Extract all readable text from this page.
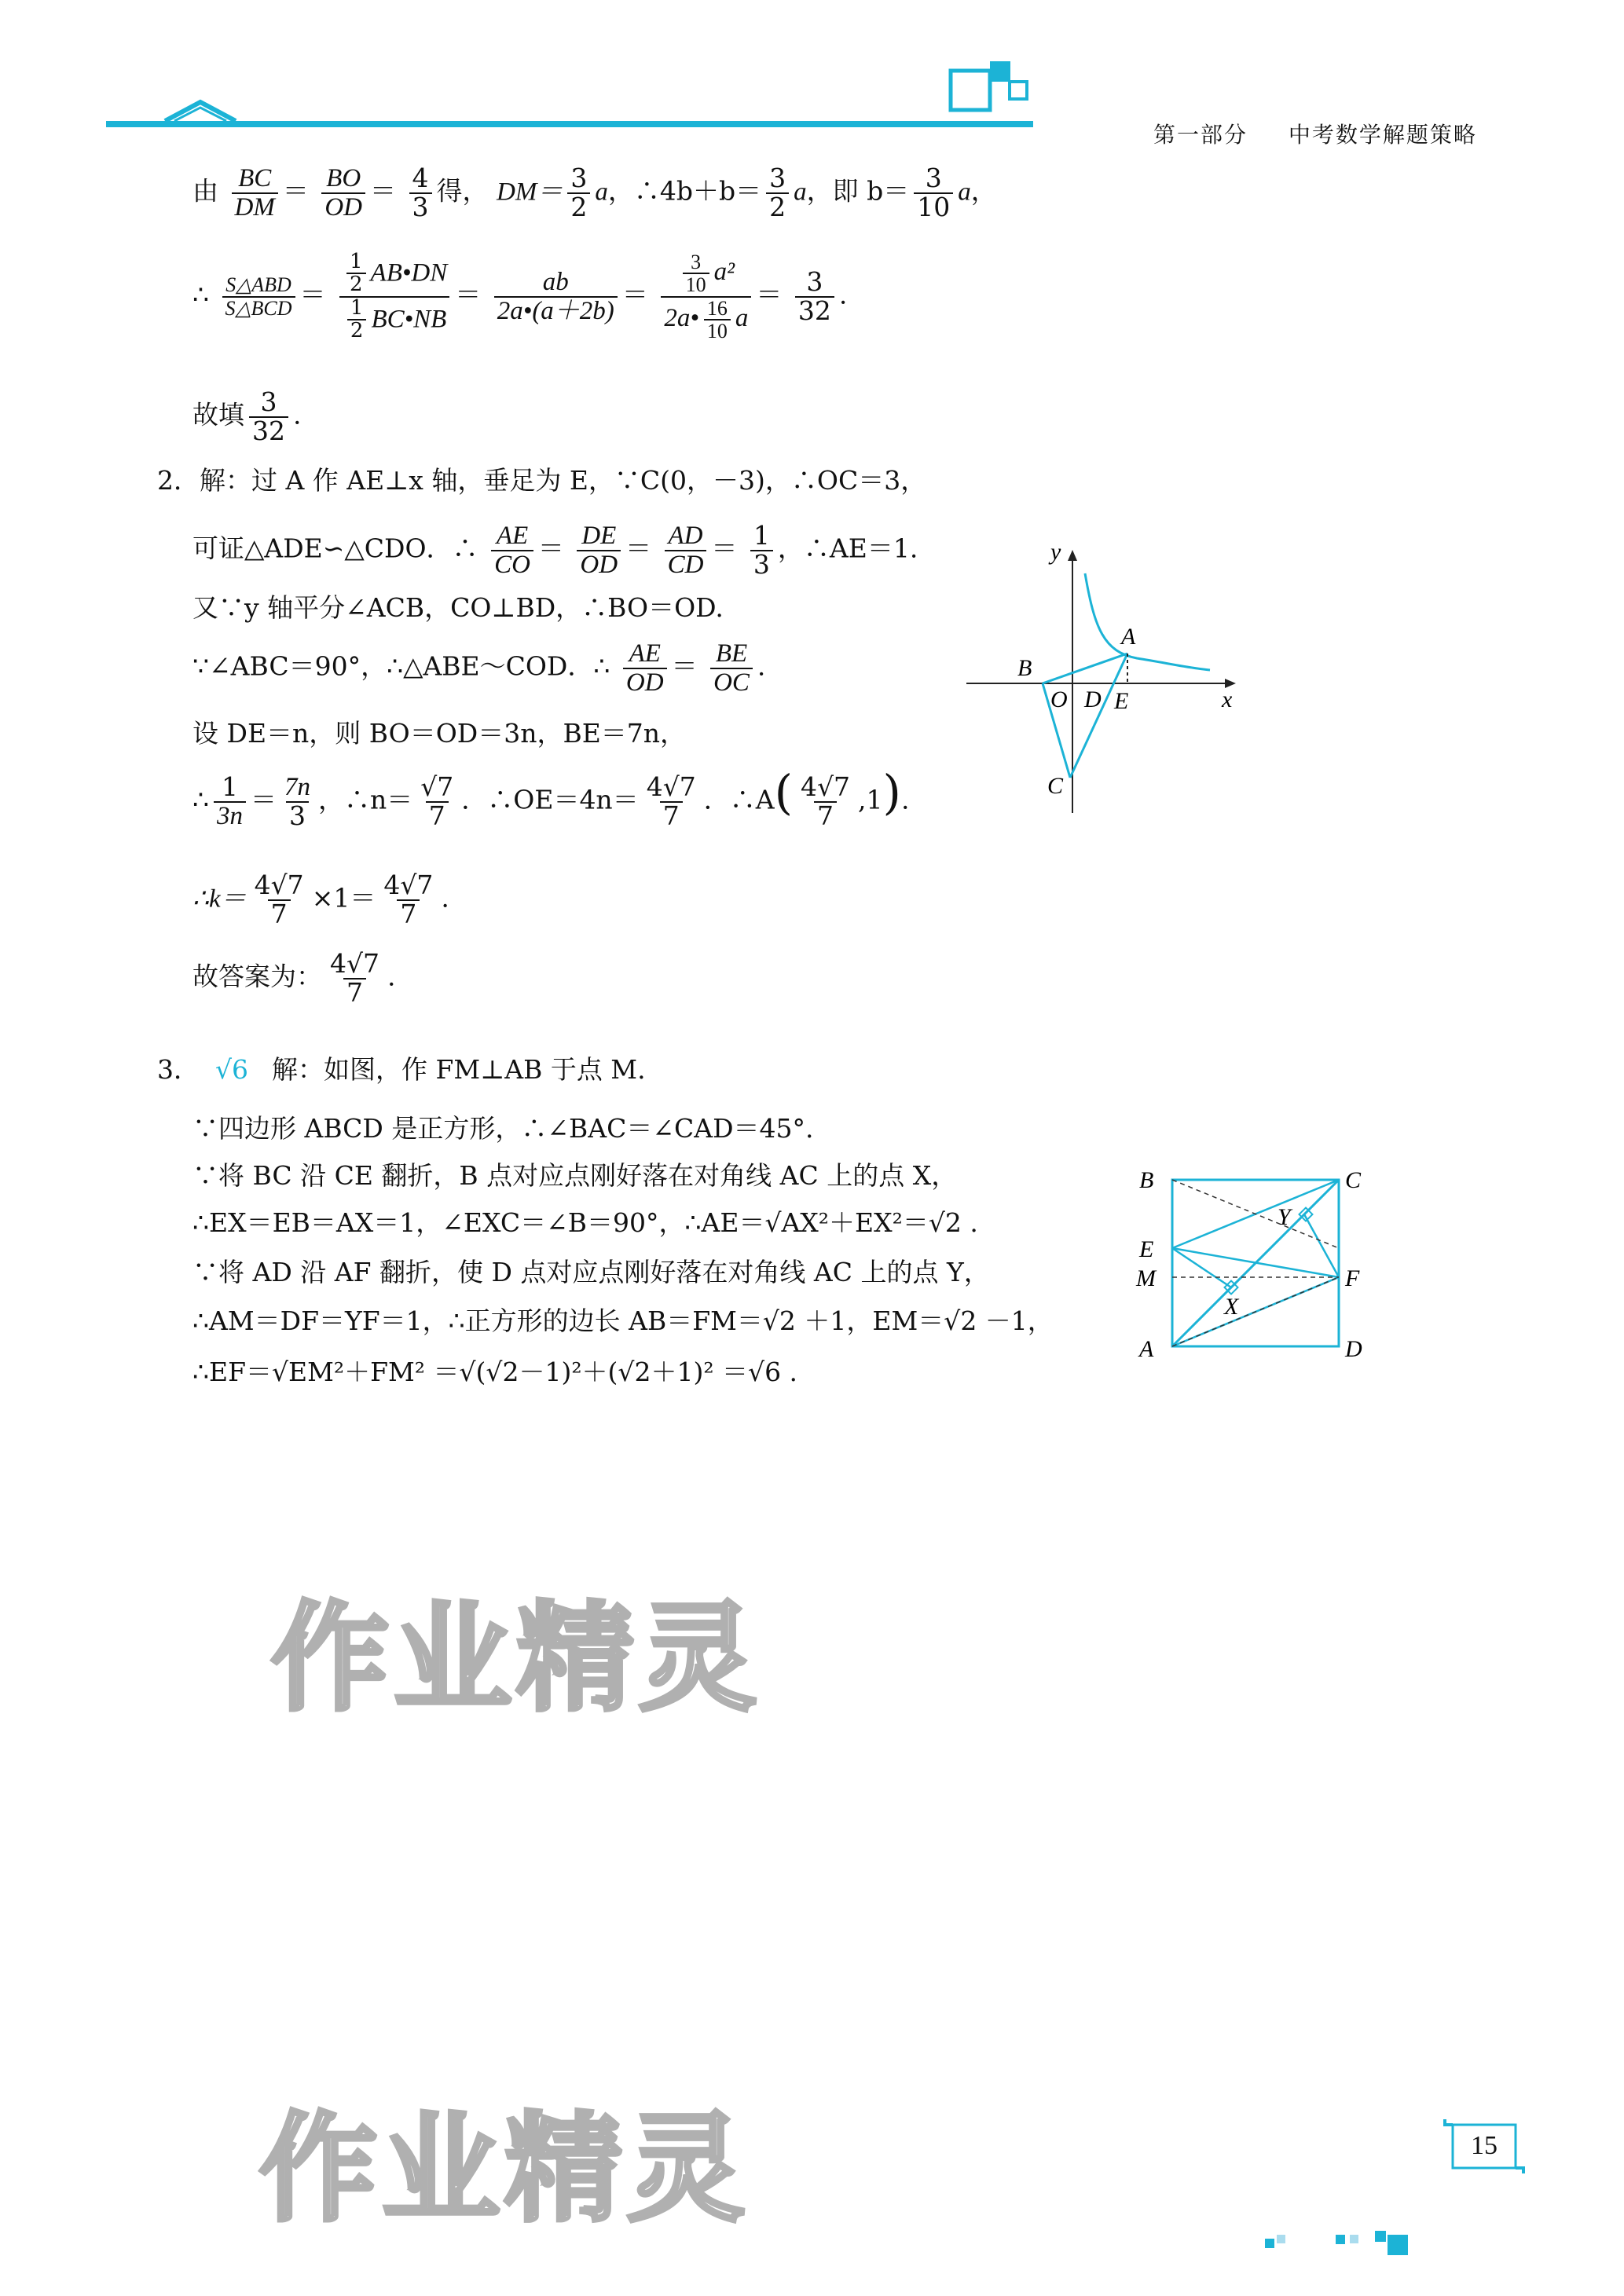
第一部分 中考数学解题策略
由 $\frac{BC}{DM} = \frac{BO}{OD} = \frac{4}{3}$ 得， $DM= \frac{3}{2}$ a，∴4b＋b＝ $\frac{3}{2}$ a，即 $b= \frac{3}{10}$ a，
∴ $\frac{\text{S△ABD}}{\text{S△BCD}} = \frac{\frac{1}{2} AB•DN}{\frac{1}{2} BC•NB} = \frac{ab}{2a•(a+2b)} = \frac{\frac{3}{10} a^2}{2a• \frac{16}{10} a} = \frac{3}{32}$ .
故填 $\frac{3}{32}$ .
2．解：过 A 作 AE⊥x 轴，垂足为 E，∵C(0，－3)，∴OC＝3，
可证△ADE∽△CDO．∴ $\frac{AE}{CO} = \frac{DE}{OD} = \frac{AD}{CD} = \frac{1}{3}$ ，∴AE＝1.
又∵y 轴平分∠ACB，CO⊥BD，∴BO＝OD.
∵∠ABC＝90°，∴△ABE～COD．∴ $\frac{AE}{OD} = \frac{BE}{OC}$ .
设 DE＝n，则 BO＝OD＝3n，BE＝7n，
∴ $\frac{1}{3n} = \frac{7n}{3}$ ，∴n＝ $\frac{√7}{7}$ ．∴OE＝4n＝ $\frac{4√7}{7}$ ．∴A( $\frac{4√7}{7} ,1$).
∴k＝ $\frac{4√7}{7} \times 1= \frac{4√7}{7}$ .
故答案为： $\frac{4√7}{7}$ .
y
x
A
B
O D E
C
3． √6 解：如图，作 FM⊥AB 于点 M.
∵四边形 ABCD 是正方形，∴∠BAC＝∠CAD＝45°.
∵将 BC 沿 CE 翻折，B 点对应点刚好落在对角线 AC 上的点 X，
∴EX＝EB＝AX＝1，∠EXC＝∠B＝90°，∴AE＝√AX²＋EX²＝√2 .
∵将 AD 沿 AF 翻折，使 D 点对应点刚好落在对角线 AC 上的点 Y，
∴AM＝DF＝YF＝1，∴正方形的边长 AB＝FM＝√2 ＋1，EM＝√2 －1，
∴EF＝√EM²＋FM² ＝√(√2－1)²＋(√2＋1)² ＝√6 .
B	C
E
M	F
A	D
X
Y
作业精灵
作业精灵	15
